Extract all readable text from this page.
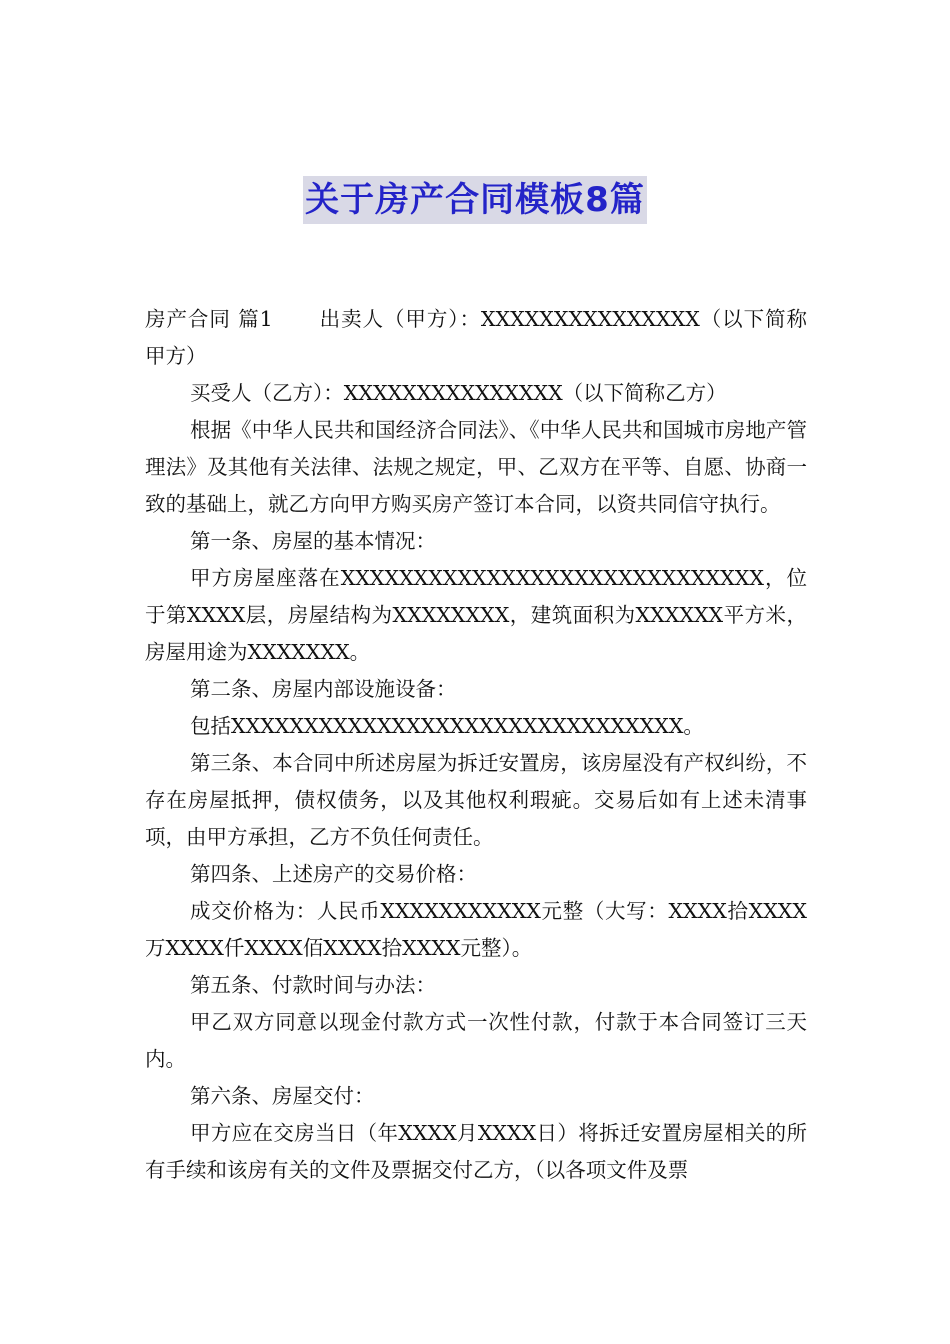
关于房产合同模板8篇

房产合同 篇1 出卖人（甲方）：XXXXXXXXXXXXXXX（以下简称甲方）

买受人（乙方）：XXXXXXXXXXXXXXX（以下简称乙方）

根据《中华人民共和国经济合同法》、《中华人民共和国城市房地产管理法》及其他有关法律、法规之规定，甲、乙双方在平等、自愿、协商一致的基础上，就乙方向甲方购买房产签订本合同，以资共同信守执行。

第一条、房屋的基本情况：

甲方房屋座落在XXXXXXXXXXXXXXXXXXXXXXXXXXXXX，位于第XXXX层，房屋结构为XXXXXXXX，建筑面积为XXXXXX平方米，房屋用途为XXXXXXX。

第二条、房屋内部设施设备：

包括XXXXXXXXXXXXXXXXXXXXXXXXXXXXXXX。

第三条、本合同中所述房屋为拆迁安置房，该房屋没有产权纠纷，不存在房屋抵押，债权债务，以及其他权利瑕疵。交易后如有上述未清事项，由甲方承担，乙方不负任何责任。

第四条、上述房产的交易价格：

成交价格为：人民币XXXXXXXXXXX元整（大写：XXXX拾XXXX万XXXX仟XXXX佰XXXX拾XXXX元整）。

第五条、付款时间与办法：

甲乙双方同意以现金付款方式一次性付款，付款于本合同签订三天内。

第六条、房屋交付：

甲方应在交房当日（年XXXX月XXXX日）将拆迁安置房屋相关的所有手续和该房有关的文件及票据交付乙方，（以各项文件及票
